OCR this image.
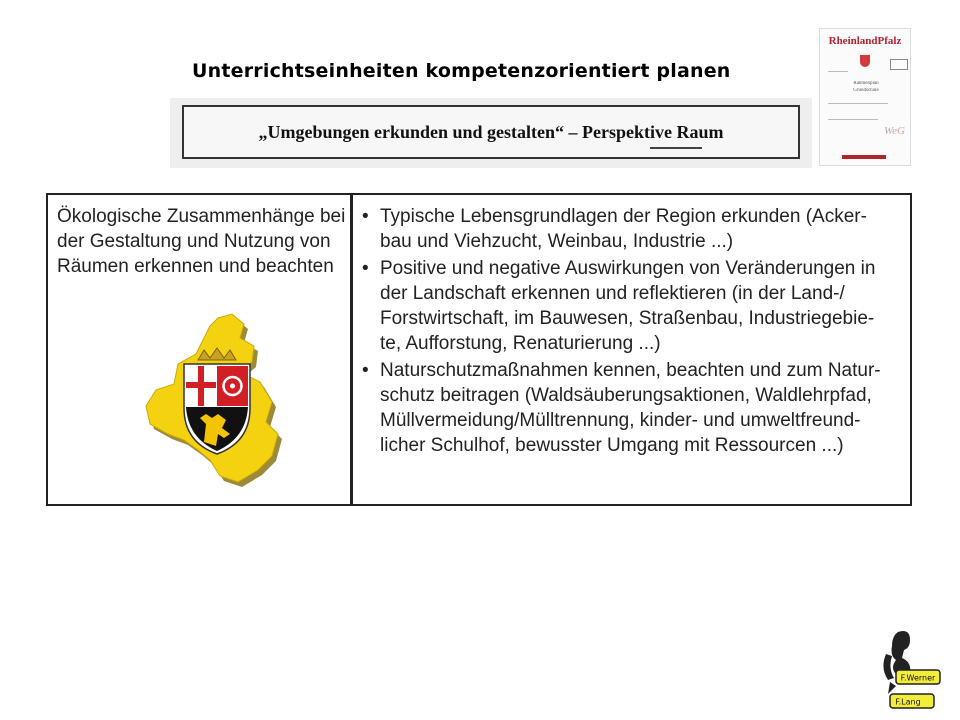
Unterrichtseinheiten kompetenzorientiert planen
„Umgebungen erkunden und gestalten“ – Perspektive Raum
RheinlandPfalz
Rahmenplan
Grundschule
WeG
Ökologische Zusammenhänge bei der Gestaltung und Nutzung von Räumen erkennen und beachten
• Typische Lebensgrundlagen der Region erkunden (Acker-
bau und Viehzucht, Weinbau, Industrie ...)
• Positive und negative Auswirkungen von Veränderungen in
der Landschaft erkennen und reflektieren (in der Land-/
Forstwirtschaft, im Bauwesen, Straßenbau, Industriegebie-
te, Aufforstung, Renaturierung ...)
• Naturschutzmaßnahmen kennen, beachten und zum Natur-
schutz beitragen (Waldsäuberungsaktionen, Waldlehrpfad,
Müllvermeidung/Mülltrennung, kinder- und umweltfreund-
licher Schulhof, bewusster Umgang mit Ressourcen ...)
F.Werner
F.Lang
